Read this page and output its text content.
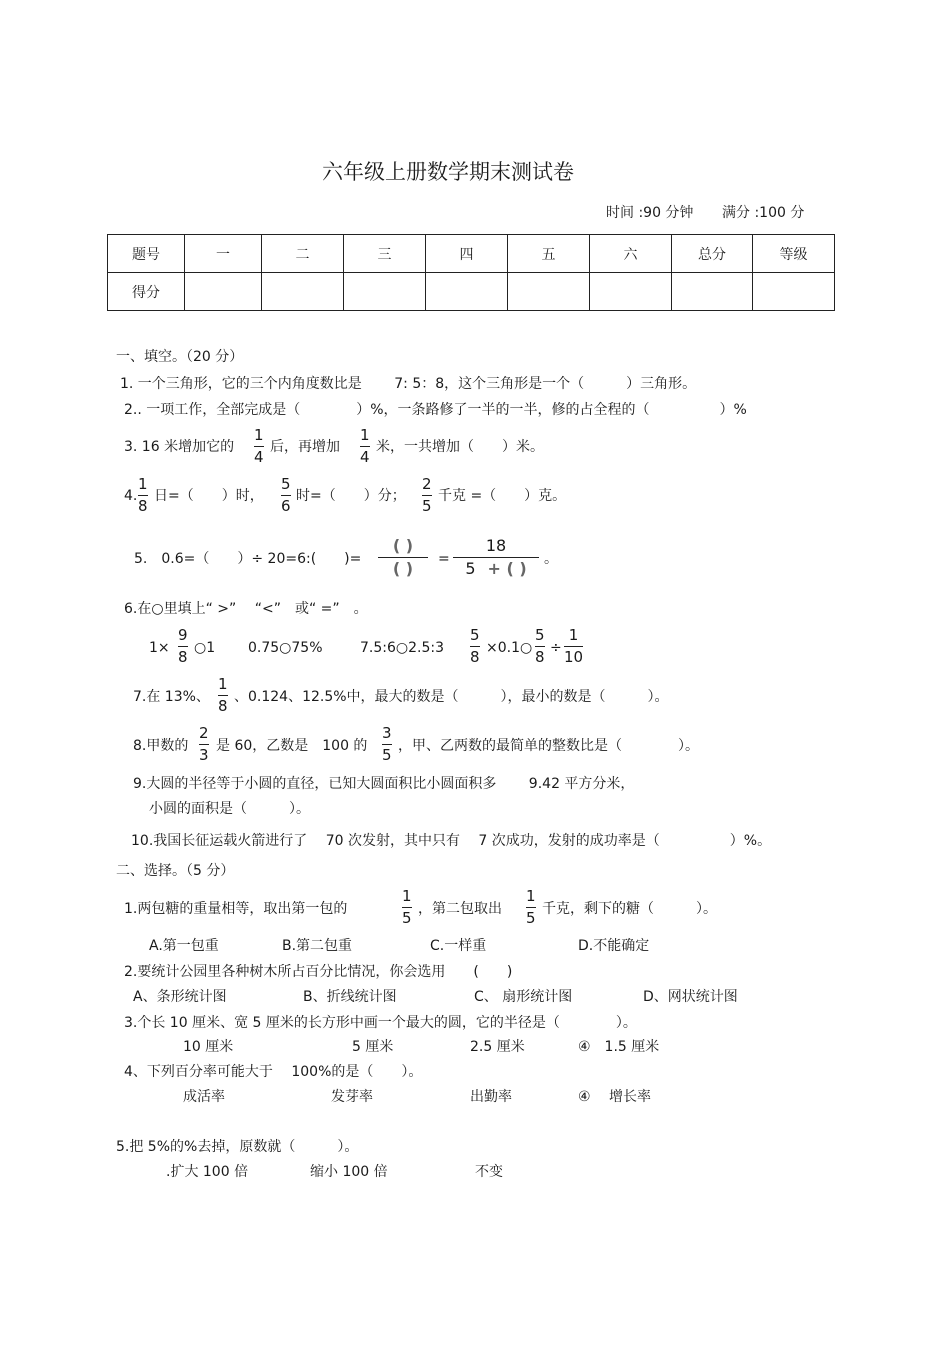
六年级上册数学期末测试卷
时间 :90 分钟 满分 :100 分
题号	一	二	三	四	五	六	总分	等级
得分								
一、填空。（20 分）
1. 一个三角形，它的三个内角度数比是　　 7: 5：8，这个三角形是一个（　　　）三角形。
2.. 一项工作，全部完成是（　　　　）%，一条路修了一半的一半，修的占全程的（　　　　　）%
3. 16 米增加它的
1
4
后，再增加
1
4
米，一共增加（　　）米。
4.
1
8
日=（　　）时，
5
6
时=（　　）分；
2
5
千克 =（　　）克。
5.　0.6=（　　）÷ 20=6:(　　)=
( )
( ) =
18
5 + ( ) 。
6.在○里填上“ >”　 “<”　或“ =”　。
1×
9
8 ○1 0.75○75%	7.5:6○2.5:3
5
8 ×0.1○
5
8 ÷
1
10
7.在 13%、
1
8 、0.124、12.5%中，最大的数是（　　　），最小的数是（　　　）。
8.甲数的
2
3 是 60，乙数是　100 的
3
5 ，甲、乙两数的最简单的整数比是（　　　　）。
9.大圆的半径等于小圆的直径，已知大圆面积比小圆面积多　　 9.42 平方分米，
小圆的面积是（　　　）。
10.我国长征运载火箭进行了　 70 次发射，其中只有　 7 次成功，发射的成功率是（　　　　　）%。
二、选择。（5 分）
1.两包糖的重量相等，取出第一包的
1
5 ，第二包取出
1
5 千克，剩下的糖（　　　）。
A.第一包重	B.第二包重	C.一样重	D.不能确定
2.要统计公园里各种树木所占百分比情况，你会选用　　(　　)
A、条形统计图	B、折线统计图	C、 扇形统计图	D、网状统计图
3.个长 10 厘米、宽 5 厘米的长方形中画一个最大的圆，它的半径是（　　　　）。
10 厘米	5 厘米	2.5 厘米	④　1.5 厘米
4、下列百分率可能大于　 100%的是（　　）。
成活率	发芽率	出勤率	④　 增长率
5.把 5%的%去掉，原数就（　　　）。
.扩大 100 倍	缩小 100 倍	不变
